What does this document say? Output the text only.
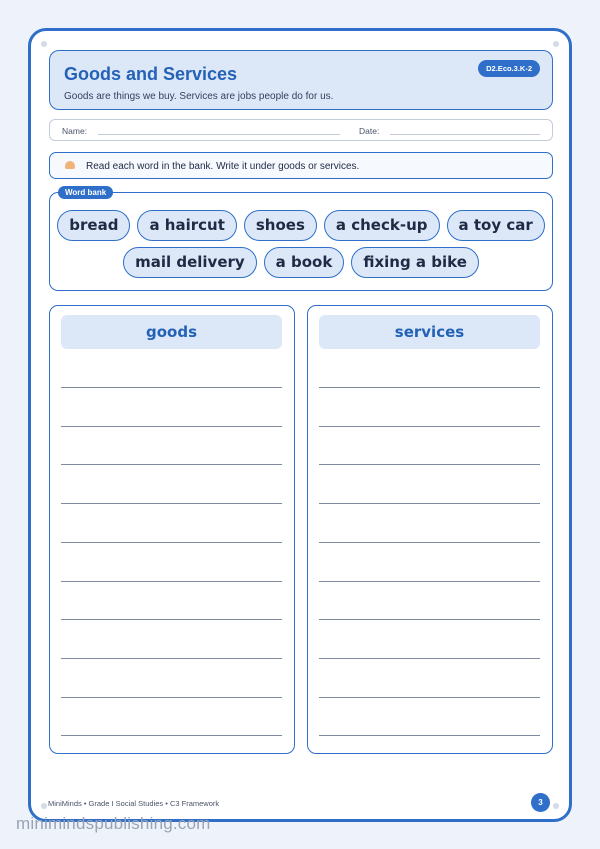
Goods and Services
Goods are things we buy. Services are jobs people do for us.
D2.Eco.3.K-2
Name:	Date:
Read each word in the bank. Write it under goods or services.
Word bank
bread	a haircut	shoes	a check-up	a toy car
mail delivery	a book	fixing a bike
goods	services
MiniMinds • Grade I Social Studies • C3 Framework	3
minimindspublishing.com
